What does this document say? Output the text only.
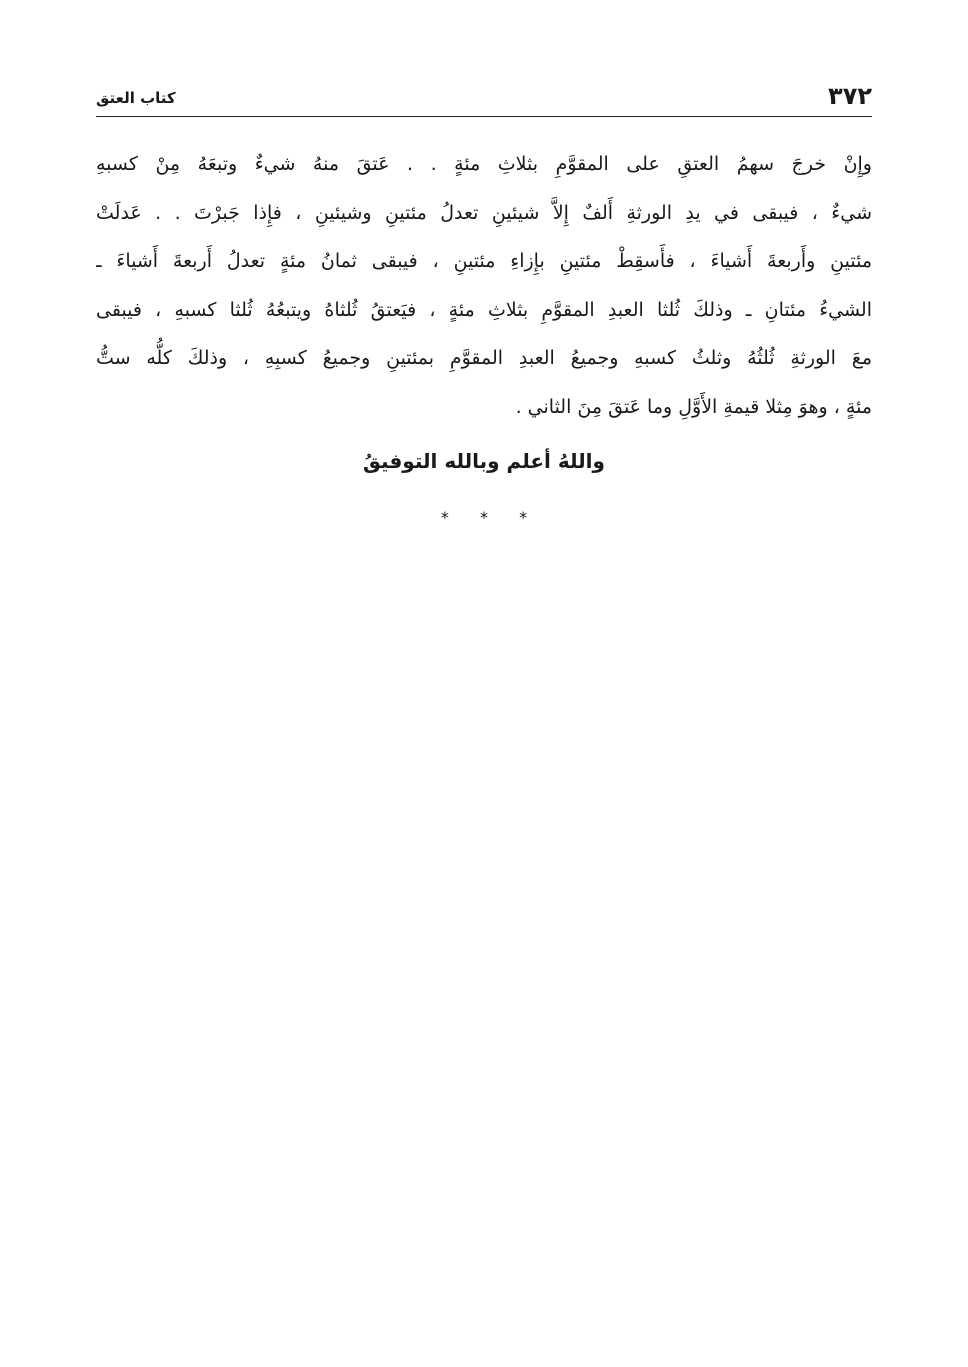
٣٧٢
كتاب العتق
وإِنْ خرجَ سهمُ العتقِ على المقوَّمِ بثلاثِ مئةٍ . . عَتقَ منهُ شيءٌ وتبعَهُ مِنْ كسبهِ
شيءٌ ، فيبقى في يدِ الورثةِ أَلفٌ إِلاَّ شيئينِ تعدلُ مئتينِ وشيئينِ ، فإِذا جَبرْتَ . . عَدلَتْ
مئتينِ وأَربعةَ أَشياءَ ، فأَسقِطْ مئتينِ بإِزاءِ مئتينِ ، فيبقى ثمانُ مئةٍ تعدلُ أَربعةَ أَشياءَ ـ
الشيءُ مئتانِ ـ وذلكَ ثُلثا العبدِ المقوَّمِ بثلاثِ مئةٍ ، فيَعتقُ ثُلثاهُ ويتبعُهُ ثُلثا كسبهِ ، فيبقى
معَ الورثةِ ثُلثُهُ وثلثُ كسبهِ وجميعُ العبدِ المقوَّمِ بمئتينِ وجميعُ كسبِهِ ، وذلكَ كلُّه ستُّ
مئةٍ ، وهوَ مِثلا قيمةِ الأَوَّلِ وما عَتقَ مِنَ الثاني .
واللهُ أعلم وبالله التوفيقُ
* * *
